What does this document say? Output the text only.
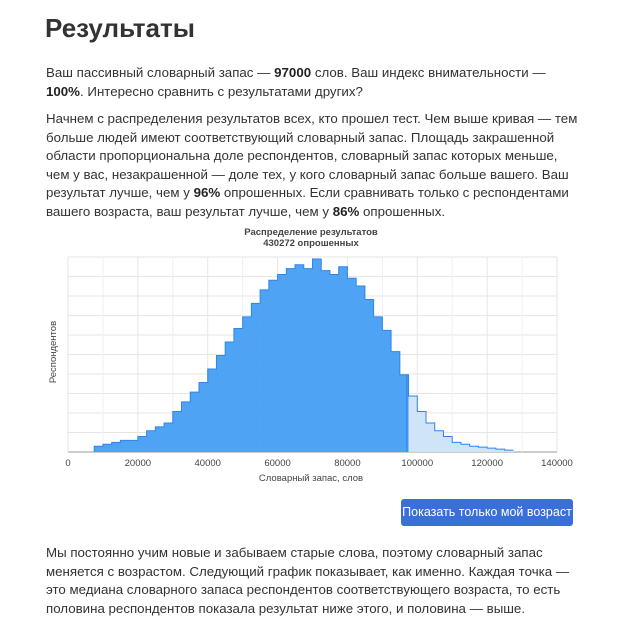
Результаты
Ваш пассивный словарный запас — 97000 слов. Ваш индекс внимательности — 100%. Интересно сравнить с результатами других?
Начнем с распределения результатов всех, кто прошел тест. Чем выше кривая — тем больше людей имеют соответствующий словарный запас. Площадь закрашенной области пропорциональна доле респондентов, словарный запас которых меньше, чем у вас, незакрашенной — доле тех, у кого словарный запас больше вашего. Ваш результат лучше, чем у 96% опрошенных. Если сравнивать только с респондентами вашего возраста, ваш результат лучше, чем у 86% опрошенных.
Распределение результатов
430272 опрошенных
0	20000	40000	60000	80000	100000	120000	140000
Словарный запас, слов
Респондентов
Показать только мой возраст
Мы постоянно учим новые и забываем старые слова, поэтому словарный запас меняется с возрастом. Следующий график показывает, как именно. Каждая точка — это медиана словарного запаса респондентов соответствующего возраста, то есть половина респондентов показала результат ниже этого, и половина — выше.
